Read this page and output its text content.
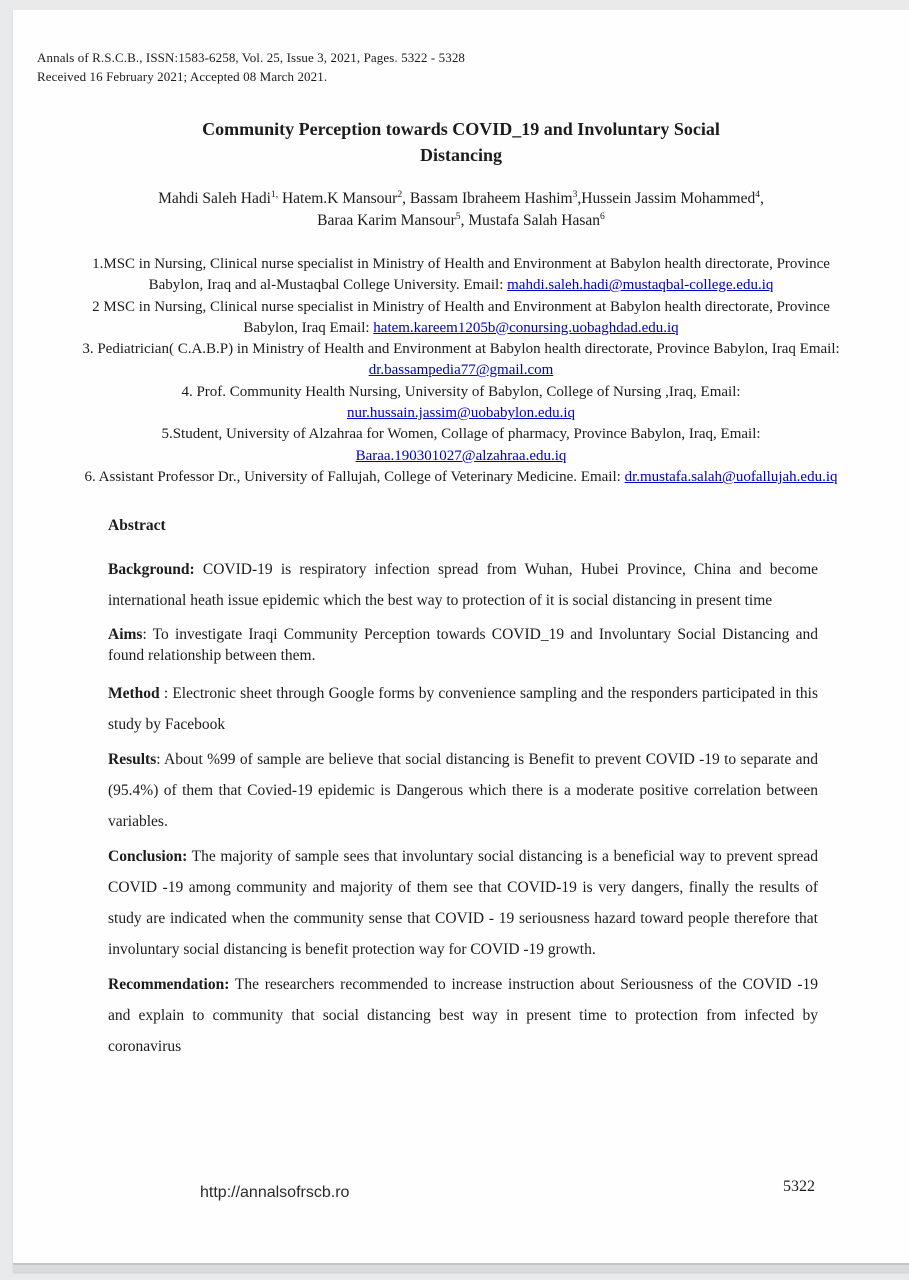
Annals of R.S.C.B., ISSN:1583-6258, Vol. 25, Issue 3, 2021, Pages. 5322 - 5328
Received 16 February 2021; Accepted 08 March 2021.
Community Perception towards COVID_19 and Involuntary Social
Distancing
Mahdi Saleh Hadi$^{1,}$ Hatem.K Mansour$^2$, Bassam Ibraheem Hashim$^3$,Hussein Jassim Mohammed$^4$, Baraa Karim Mansour$^5$, Mustafa Salah Hasan$^6$
1.MSC in Nursing, Clinical nurse specialist in Ministry of Health and Environment at Babylon health directorate, Province Babylon, Iraq and al-Mustaqbal College University. Email: mahdi.saleh.hadi@mustaqbal-college.edu.iq
2 MSC in Nursing, Clinical nurse specialist in Ministry of Health and Environment at Babylon health directorate, Province Babylon, Iraq Email: hatem.kareem1205b@conursing.uobaghdad.edu.iq
3. Pediatrician( C.A.B.P) in Ministry of Health and Environment at Babylon health directorate, Province Babylon, Iraq Email: dr.bassampedia77@gmail.com
4. Prof. Community Health Nursing, University of Babylon, College of Nursing ,Iraq, Email: nur.hussain.jassim@uobabylon.edu.iq
5.Student, University of Alzahraa for Women, Collage of pharmacy, Province Babylon, Iraq, Email: Baraa.190301027@alzahraa.edu.iq
6. Assistant Professor Dr., University of Fallujah, College of Veterinary Medicine. Email: dr.mustafa.salah@uofallujah.edu.iq
Abstract

Background: COVID-19 is respiratory infection spread from Wuhan, Hubei Province, China and become international heath issue epidemic which the best way to protection of it is social distancing in present time

Aims: To investigate Iraqi Community Perception towards COVID_19 and Involuntary Social Distancing and found relationship between them.

Method : Electronic sheet through Google forms by convenience sampling and the responders participated in this study by Facebook

Results: About %99 of sample are believe that social distancing is Benefit to prevent COVID -19 to separate and (95.4%) of them that Covied-19 epidemic is Dangerous which there is a moderate positive correlation between variables.

Conclusion: The majority of sample sees that involuntary social distancing is a beneficial way to prevent spread COVID -19 among community and majority of them see that COVID-19 is very dangers, finally the results of study are indicated when the community sense that COVID - 19 seriousness hazard toward people therefore that involuntary social distancing is benefit protection way for COVID -19 growth.

Recommendation: The researchers recommended to increase instruction about Seriousness of the COVID -19 and explain to community that social distancing best way in present time to protection from infected by coronavirus

http://annalsofrscb.ro	5322
